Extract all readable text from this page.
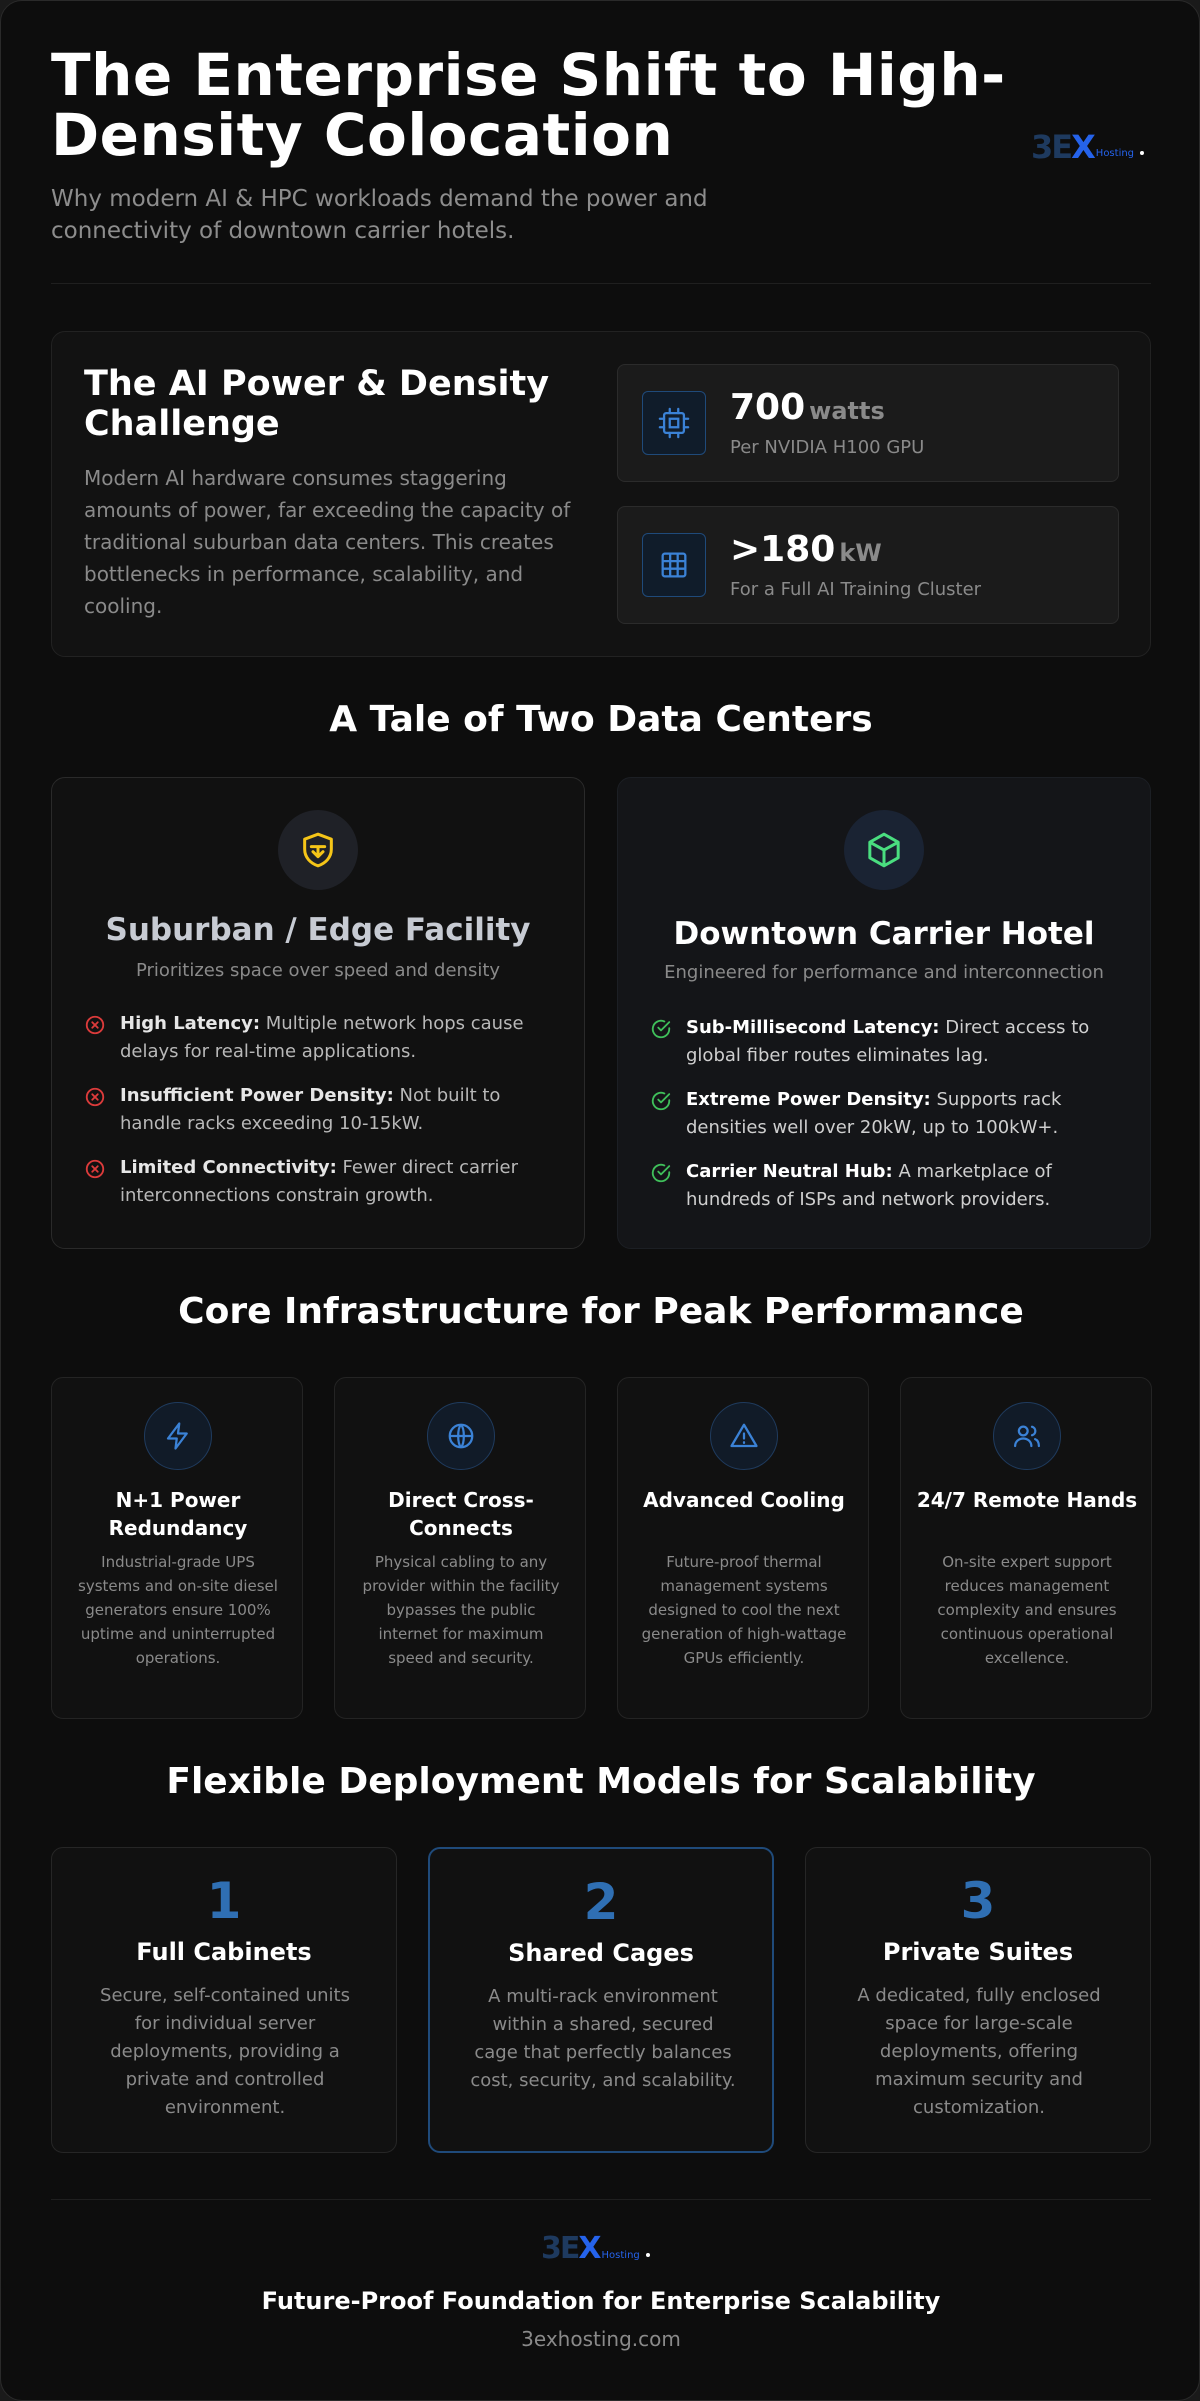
The Enterprise Shift to High-Density Colocation
Why modern AI & HPC workloads demand the power and connectivity of downtown carrier hotels.
3EX Hosting
The AI Power & Density Challenge

Modern AI hardware consumes staggering amounts of power, far exceeding the capacity of traditional suburban data centers. This creates bottlenecks in performance, scalability, and cooling.

700 watts
Per NVIDIA H100 GPU
>180 kW
For a Full AI Training Cluster
A Tale of Two Data Centers
Suburban / Edge Facility
Prioritizes space over speed and density
High Latency: Multiple network hops cause delays for real-time applications.
Insufficient Power Density: Not built to handle racks exceeding 10-15kW.
Limited Connectivity: Fewer direct carrier interconnections constrain growth.
Downtown Carrier Hotel
Engineered for performance and interconnection
Sub-Millisecond Latency: Direct access to global fiber routes eliminates lag.
Extreme Power Density: Supports rack densities well over 20kW, up to 100kW+.
Carrier Neutral Hub: A marketplace of hundreds of ISPs and network providers.
Core Infrastructure for Peak Performance
N+1 Power Redundancy

Industrial-grade UPS systems and on-site diesel generators ensure 100% uptime and uninterrupted operations.

Direct Cross-Connects

Physical cabling to any provider within the facility bypasses the public internet for maximum speed and security.

Advanced Cooling

Future-proof thermal management systems designed to cool the next generation of high-wattage GPUs efficiently.

24/7 Remote Hands

On-site expert support reduces management complexity and ensures continuous operational excellence.

Flexible Deployment Models for Scalability
1
Full Cabinets

Secure, self-contained units for individual server deployments, providing a private and controlled environment.

2
Shared Cages

A multi-rack environment within a shared, secured cage that perfectly balances cost, security, and scalability.

3
Private Suites

A dedicated, fully enclosed space for large-scale deployments, offering maximum security and customization.

3EX Hosting
Future-Proof Foundation for Enterprise Scalability
3exhosting.com
